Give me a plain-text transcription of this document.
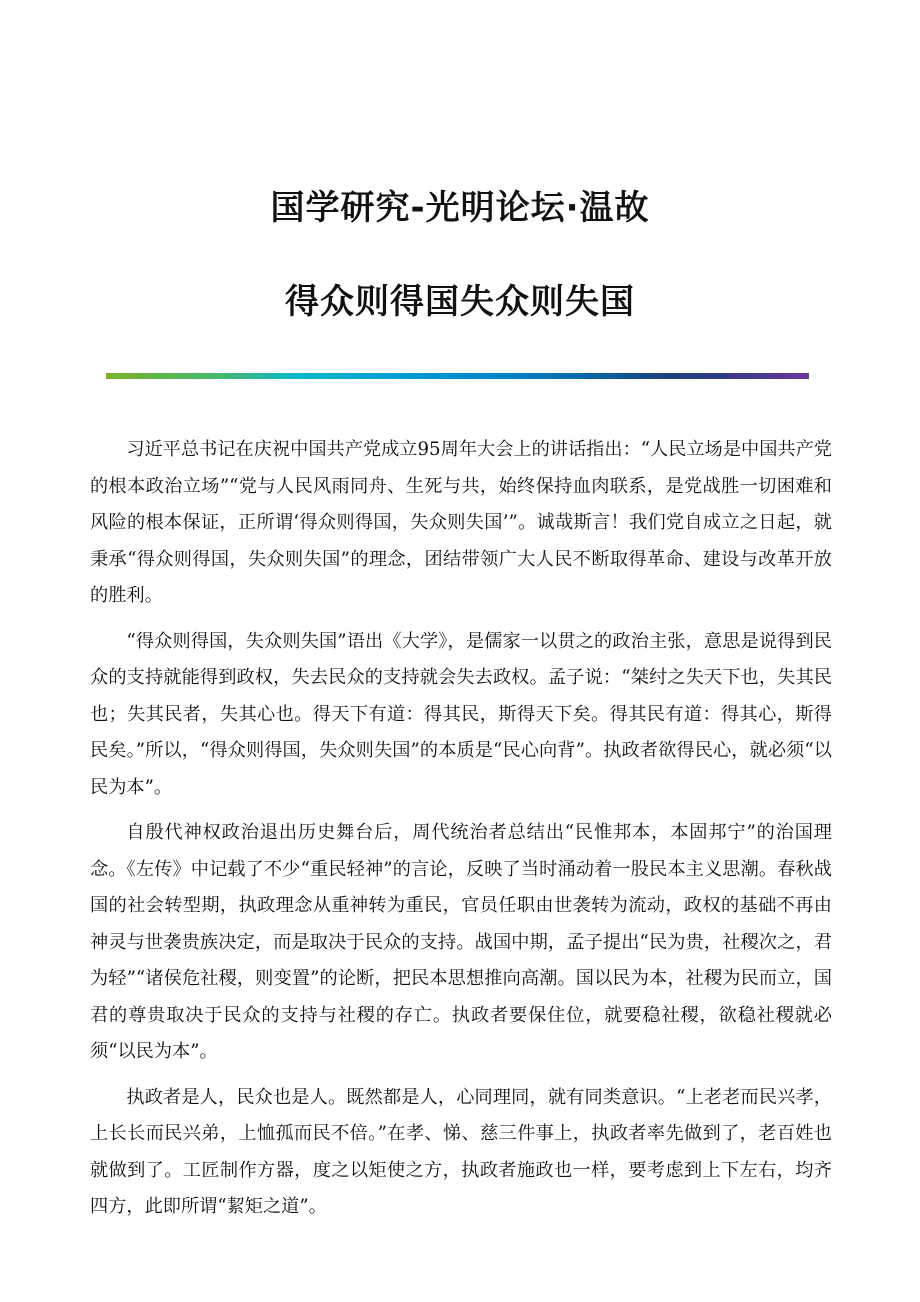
国学研究-光明论坛·温故
得众则得国失众则失国

习近平总书记在庆祝中国共产党成立95周年大会上的讲话指出：“人民立场是中国共产党的根本政治立场”“党与人民风雨同舟、生死与共，始终保持血肉联系，是党战胜一切困难和风险的根本保证，正所谓‘得众则得国，失众则失国’”。诚哉斯言！我们党自成立之日起，就秉承“得众则得国，失众则失国”的理念，团结带领广大人民不断取得革命、建设与改革开放的胜利。

“得众则得国，失众则失国”语出《大学》，是儒家一以贯之的政治主张，意思是说得到民众的支持就能得到政权，失去民众的支持就会失去政权。孟子说：“桀纣之失天下也，失其民也；失其民者，失其心也。得天下有道：得其民，斯得天下矣。得其民有道：得其心，斯得民矣。”所以，“得众则得国，失众则失国”的本质是“民心向背”。执政者欲得民心，就必须“以民为本”。

自殷代神权政治退出历史舞台后，周代统治者总结出“民惟邦本，本固邦宁”的治国理念。《左传》中记载了不少“重民轻神”的言论，反映了当时涌动着一股民本主义思潮。春秋战国的社会转型期，执政理念从重神转为重民，官员任职由世袭转为流动，政权的基础不再由神灵与世袭贵族决定，而是取决于民众的支持。战国中期，孟子提出“民为贵，社稷次之，君为轻”“诸侯危社稷，则变置”的论断，把民本思想推向高潮。国以民为本，社稷为民而立，国君的尊贵取决于民众的支持与社稷的存亡。执政者要保住位，就要稳社稷，欲稳社稷就必须“以民为本”。

执政者是人，民众也是人。既然都是人，心同理同，就有同类意识。“上老老而民兴孝，上长长而民兴弟，上恤孤而民不倍。”在孝、悌、慈三件事上，执政者率先做到了，老百姓也就做到了。工匠制作方器，度之以矩使之方，执政者施政也一样，要考虑到上下左右，均齐四方，此即所谓“絜矩之道”。
